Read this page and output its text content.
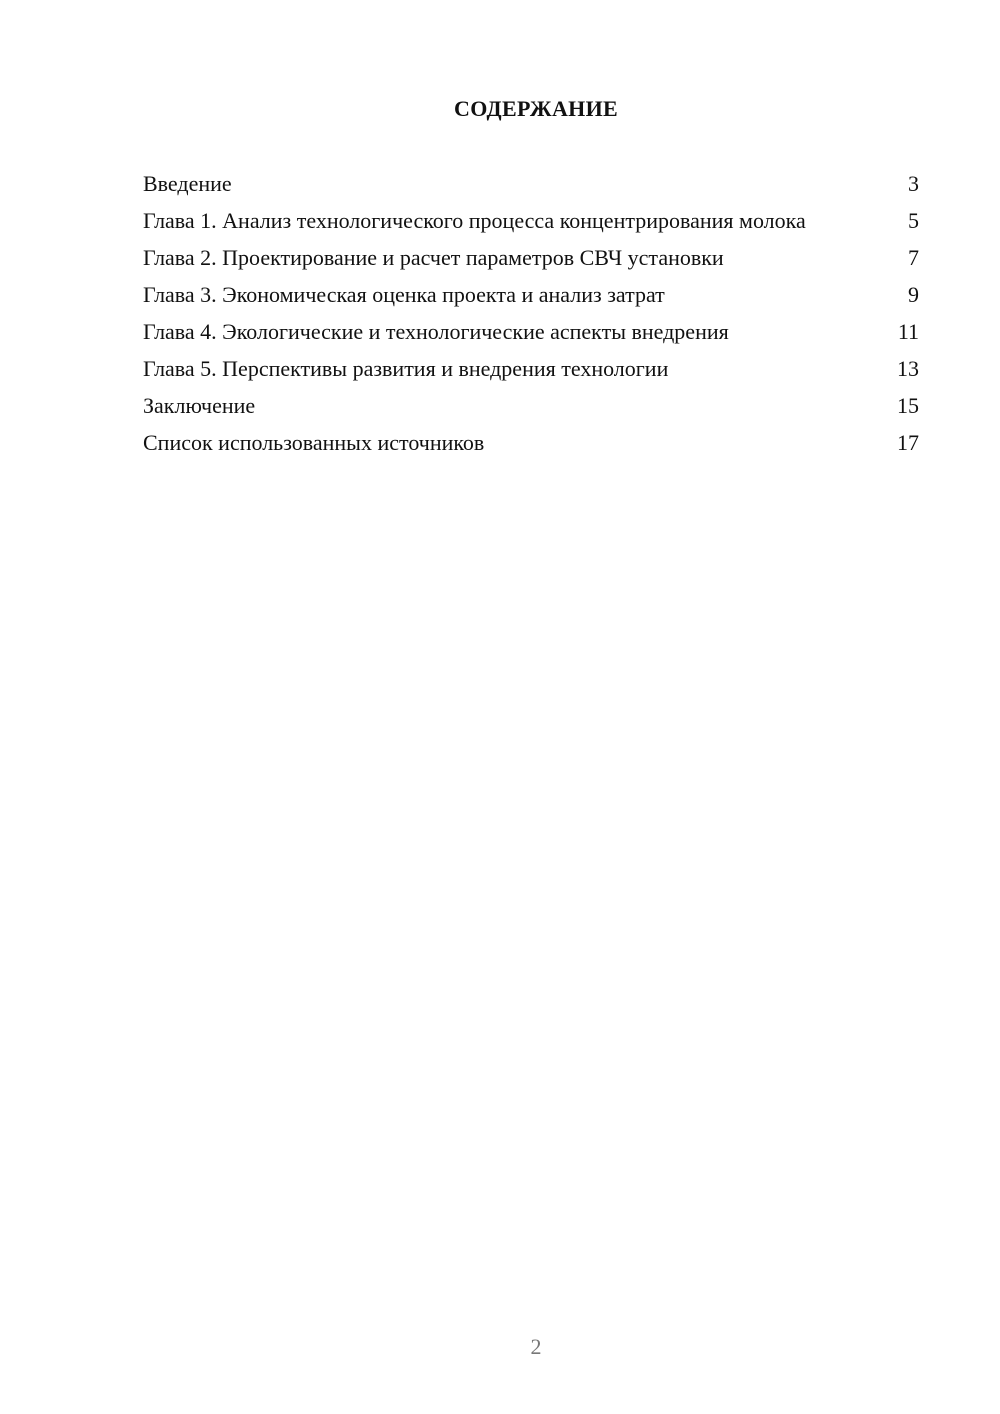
СОДЕРЖАНИЕ
Введение	3
Глава 1. Анализ технологического процесса концентрирования молока	5
Глава 2. Проектирование и расчет параметров СВЧ установки	7
Глава 3. Экономическая оценка проекта и анализ затрат	9
Глава 4. Экологические и технологические аспекты внедрения	11
Глава 5. Перспективы развития и внедрения технологии	13
Заключение	15
Список использованных источников	17
2
